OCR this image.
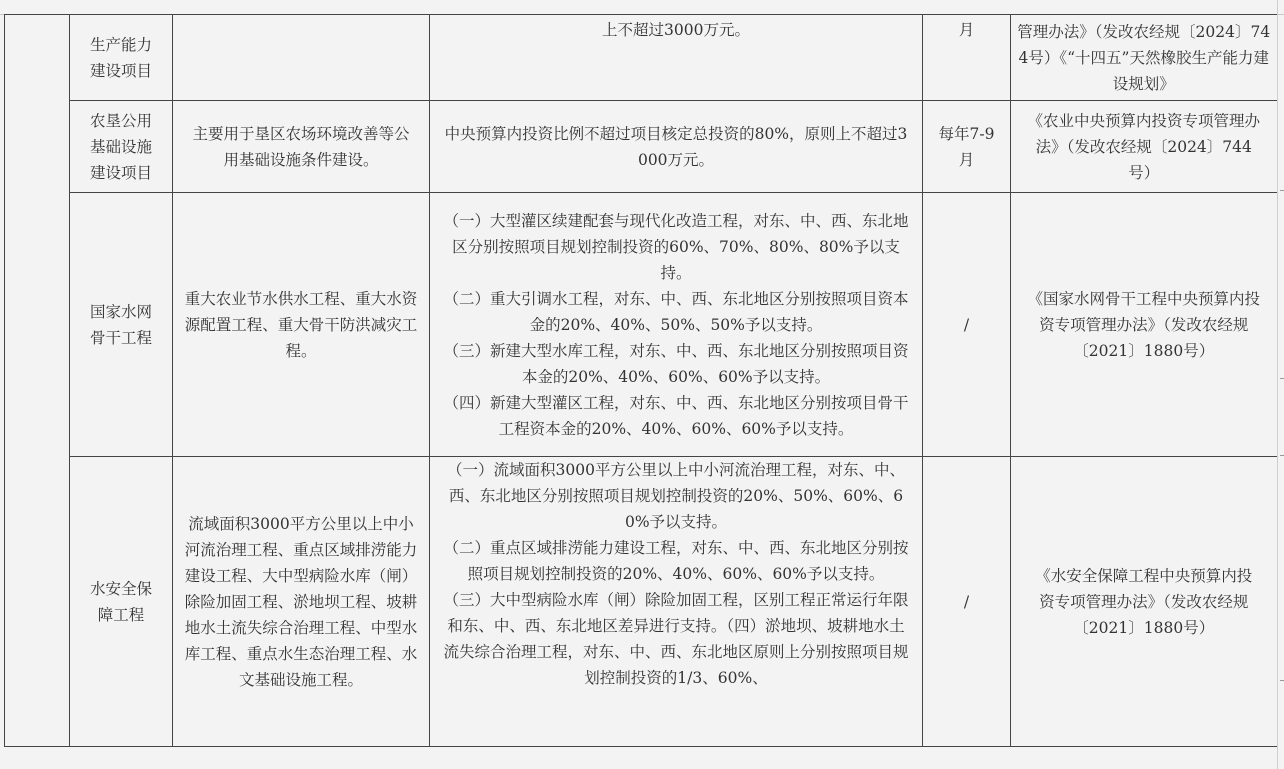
	生产能力
建设项目		上不超过3000万元。	月	管理办法》（发改农经规〔2024〕744号）《“十四五”天然橡胶生产能力建设规划》

	农垦公用
基础设施
建设项目	主要用于垦区农场环境改善等公用基础设施条件建设。	中央预算内投资比例不超过项目核定总投资的80%，原则上不超过3000万元。	每年7-9月	《农业中央预算内投资专项管理办法》（发改农经规〔2024〕744号）

	国家水网
骨干工程	重大农业节水供水工程、重大水资源配置工程、重大骨干防洪减灾工程。	（一）大型灌区续建配套与现代化改造工程，对东、中、西、东北地区分别按照项目规划控制投资的60%、70%、80%、80%予以支持。
（二）重大引调水工程，对东、中、西、东北地区分别按照项目资本金的20%、40%、50%、50%予以支持。
（三）新建大型水库工程，对东、中、西、东北地区分别按照项目资本金的20%、40%、60%、60%予以支持。
（四）新建大型灌区工程，对东、中、西、东北地区分别按项目骨干工程资本金的20%、40%、60%、60%予以支持。	/	《国家水网骨干工程中央预算内投资专项管理办法》（发改农经规〔2021〕1880号）

	水安全保
障工程	流域面积3000平方公里以上中小河流治理工程、重点区域排涝能力建设工程、大中型病险水库（闸）除险加固工程、淤地坝工程、坡耕地水土流失综合治理工程、中型水库工程、重点水生态治理工程、水文基础设施工程。	（一）流域面积3000平方公里以上中小河流治理工程，对东、中、西、东北地区分别按照项目规划控制投资的20%、50%、60%、60%予以支持。
（二）重点区域排涝能力建设工程，对东、中、西、东北地区分别按照项目规划控制投资的20%、40%、60%、60%予以支持。
（三）大中型病险水库（闸）除险加固工程，区别工程正常运行年限和东、中、西、东北地区差异进行支持。（四）淤地坝、坡耕地水土流失综合治理工程，对东、中、西、东北地区原则上分别按照项目规划控制投资的1/3、60%、	/	《水安全保障工程中央预算内投资专项管理办法》（发改农经规〔2021〕1880号）
